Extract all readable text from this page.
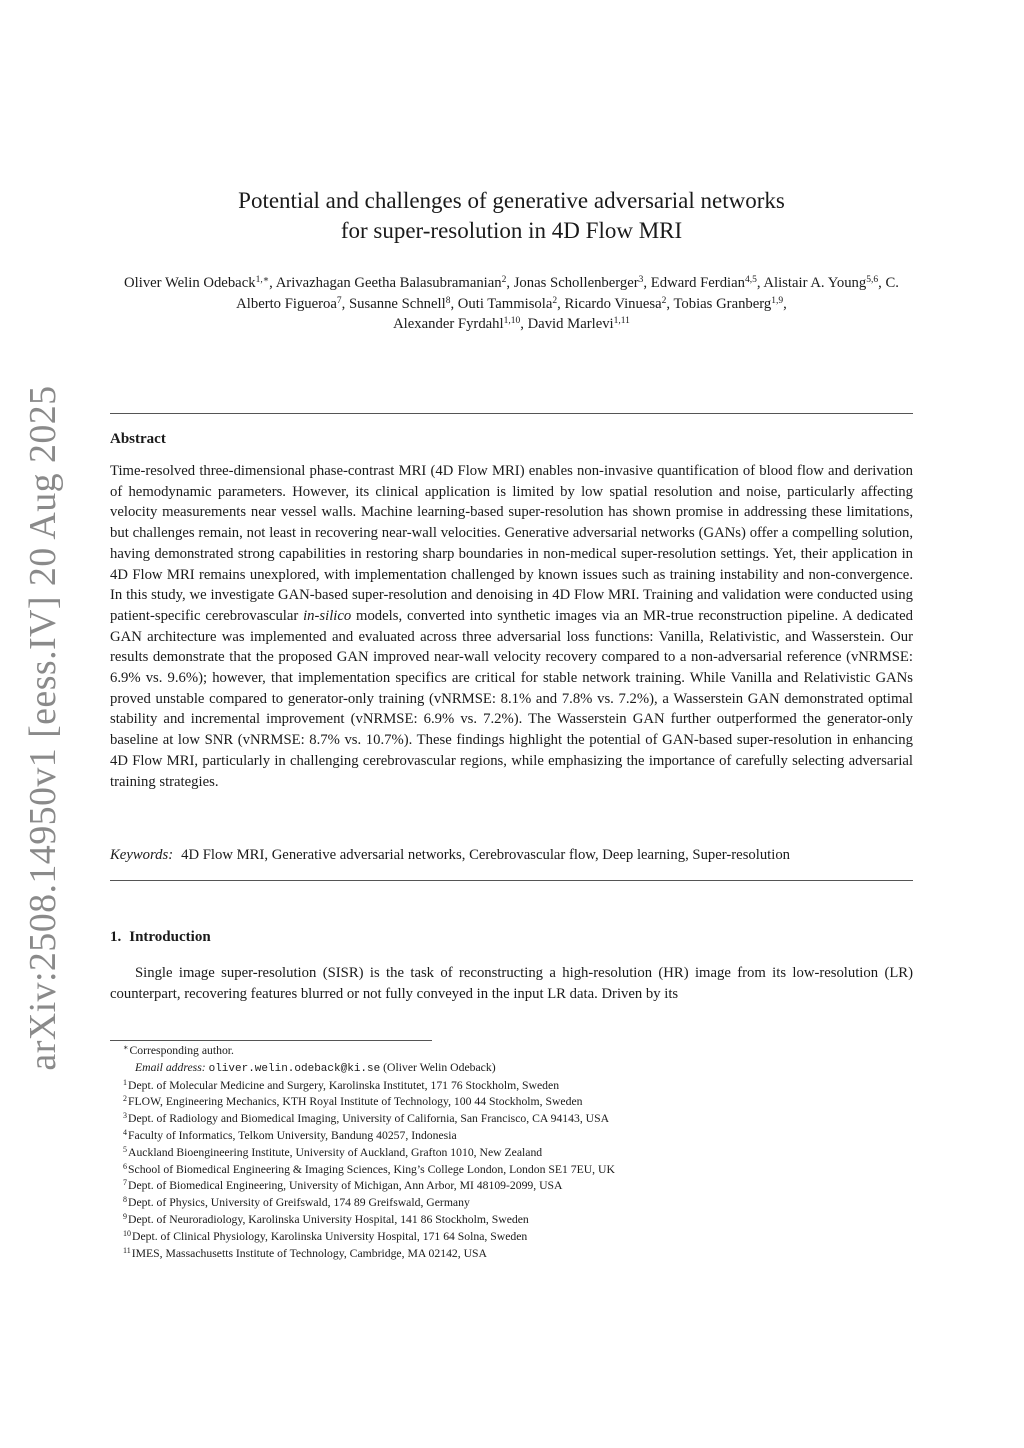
arXiv:2508.14950v1 [eess.IV] 20 Aug 2025
Potential and challenges of generative adversarial networks
for super-resolution in 4D Flow MRI
Oliver Welin Odeback$^{1,∗}$, Arivazhagan Geetha Balasubramanian$^2$, Jonas Schollenberger$^3$, Edward Ferdian$^{4,5}$, Alistair A. Young$^{5,6}$, C. Alberto Figueroa$^7$, Susanne Schnell$^8$, Outi Tammisola$^2$, Ricardo Vinuesa$^2$, Tobias Granberg$^{1,9}$,
Alexander Fyrdahl$^{1,10}$, David Marlevi$^{1,11}$
Abstract
Time-resolved three-dimensional phase-contrast MRI (4D Flow MRI) enables non-invasive quantification of blood flow and derivation of hemodynamic parameters. However, its clinical application is limited by low spatial resolution and noise, particularly affecting velocity measurements near vessel walls. Machine learning-based super-resolution has shown promise in addressing these limitations, but challenges remain, not least in recovering near-wall velocities. Generative adversarial networks (GANs) offer a compelling solution, having demonstrated strong capabilities in restoring sharp boundaries in non-medical super-resolution settings. Yet, their application in 4D Flow MRI remains unexplored, with implementation challenged by known issues such as training instability and non-convergence. In this study, we investigate GAN-based super-resolution and denoising in 4D Flow MRI. Training and validation were conducted using patient-specific cerebrovascular in-silico models, converted into synthetic images via an MR-true reconstruction pipeline. A dedicated GAN architecture was implemented and evaluated across three adversarial loss functions: Vanilla, Relativistic, and Wasserstein. Our results demonstrate that the proposed GAN improved near-wall velocity recovery compared to a non-adversarial reference (vNRMSE: 6.9% vs. 9.6%); however, that implementation specifics are critical for stable network training. While Vanilla and Relativistic GANs proved unstable compared to generator-only training (vNRMSE: 8.1% and 7.8% vs. 7.2%), a Wasserstein GAN demonstrated optimal stability and incremental improvement (vNRMSE: 6.9% vs. 7.2%). The Wasserstein GAN further outperformed the generator-only baseline at low SNR (vNRMSE: 8.7% vs. 10.7%). These findings highlight the potential of GAN-based super-resolution in enhancing 4D Flow MRI, particularly in challenging cerebrovascular regions, while emphasizing the importance of carefully selecting adversarial training strategies.
Keywords: 4D Flow MRI, Generative adversarial networks, Cerebrovascular flow, Deep learning, Super-resolution
1. Introduction
Single image super-resolution (SISR) is the task of reconstructing a high-resolution (HR) image from its low-resolution (LR) counterpart, recovering features blurred or not fully conveyed in the input LR data. Driven by its
∗Corresponding author.
Email address: oliver.welin.odeback@ki.se (Oliver Welin Odeback)
$^1$Dept. of Molecular Medicine and Surgery, Karolinska Institutet, 171 76 Stockholm, Sweden
$^2$FLOW, Engineering Mechanics, KTH Royal Institute of Technology, 100 44 Stockholm, Sweden
$^3$Dept. of Radiology and Biomedical Imaging, University of California, San Francisco, CA 94143, USA
$^4$Faculty of Informatics, Telkom University, Bandung 40257, Indonesia
$^5$Auckland Bioengineering Institute, University of Auckland, Grafton 1010, New Zealand
$^6$School of Biomedical Engineering & Imaging Sciences, King’s College London, London SE1 7EU, UK
$^7$Dept. of Biomedical Engineering, University of Michigan, Ann Arbor, MI 48109-2099, USA
$^8$Dept. of Physics, University of Greifswald, 174 89 Greifswald, Germany
$^9$Dept. of Neuroradiology, Karolinska University Hospital, 141 86 Stockholm, Sweden
$^{10}$Dept. of Clinical Physiology, Karolinska University Hospital, 171 64 Solna, Sweden
$^{11}$IMES, Massachusetts Institute of Technology, Cambridge, MA 02142, USA
